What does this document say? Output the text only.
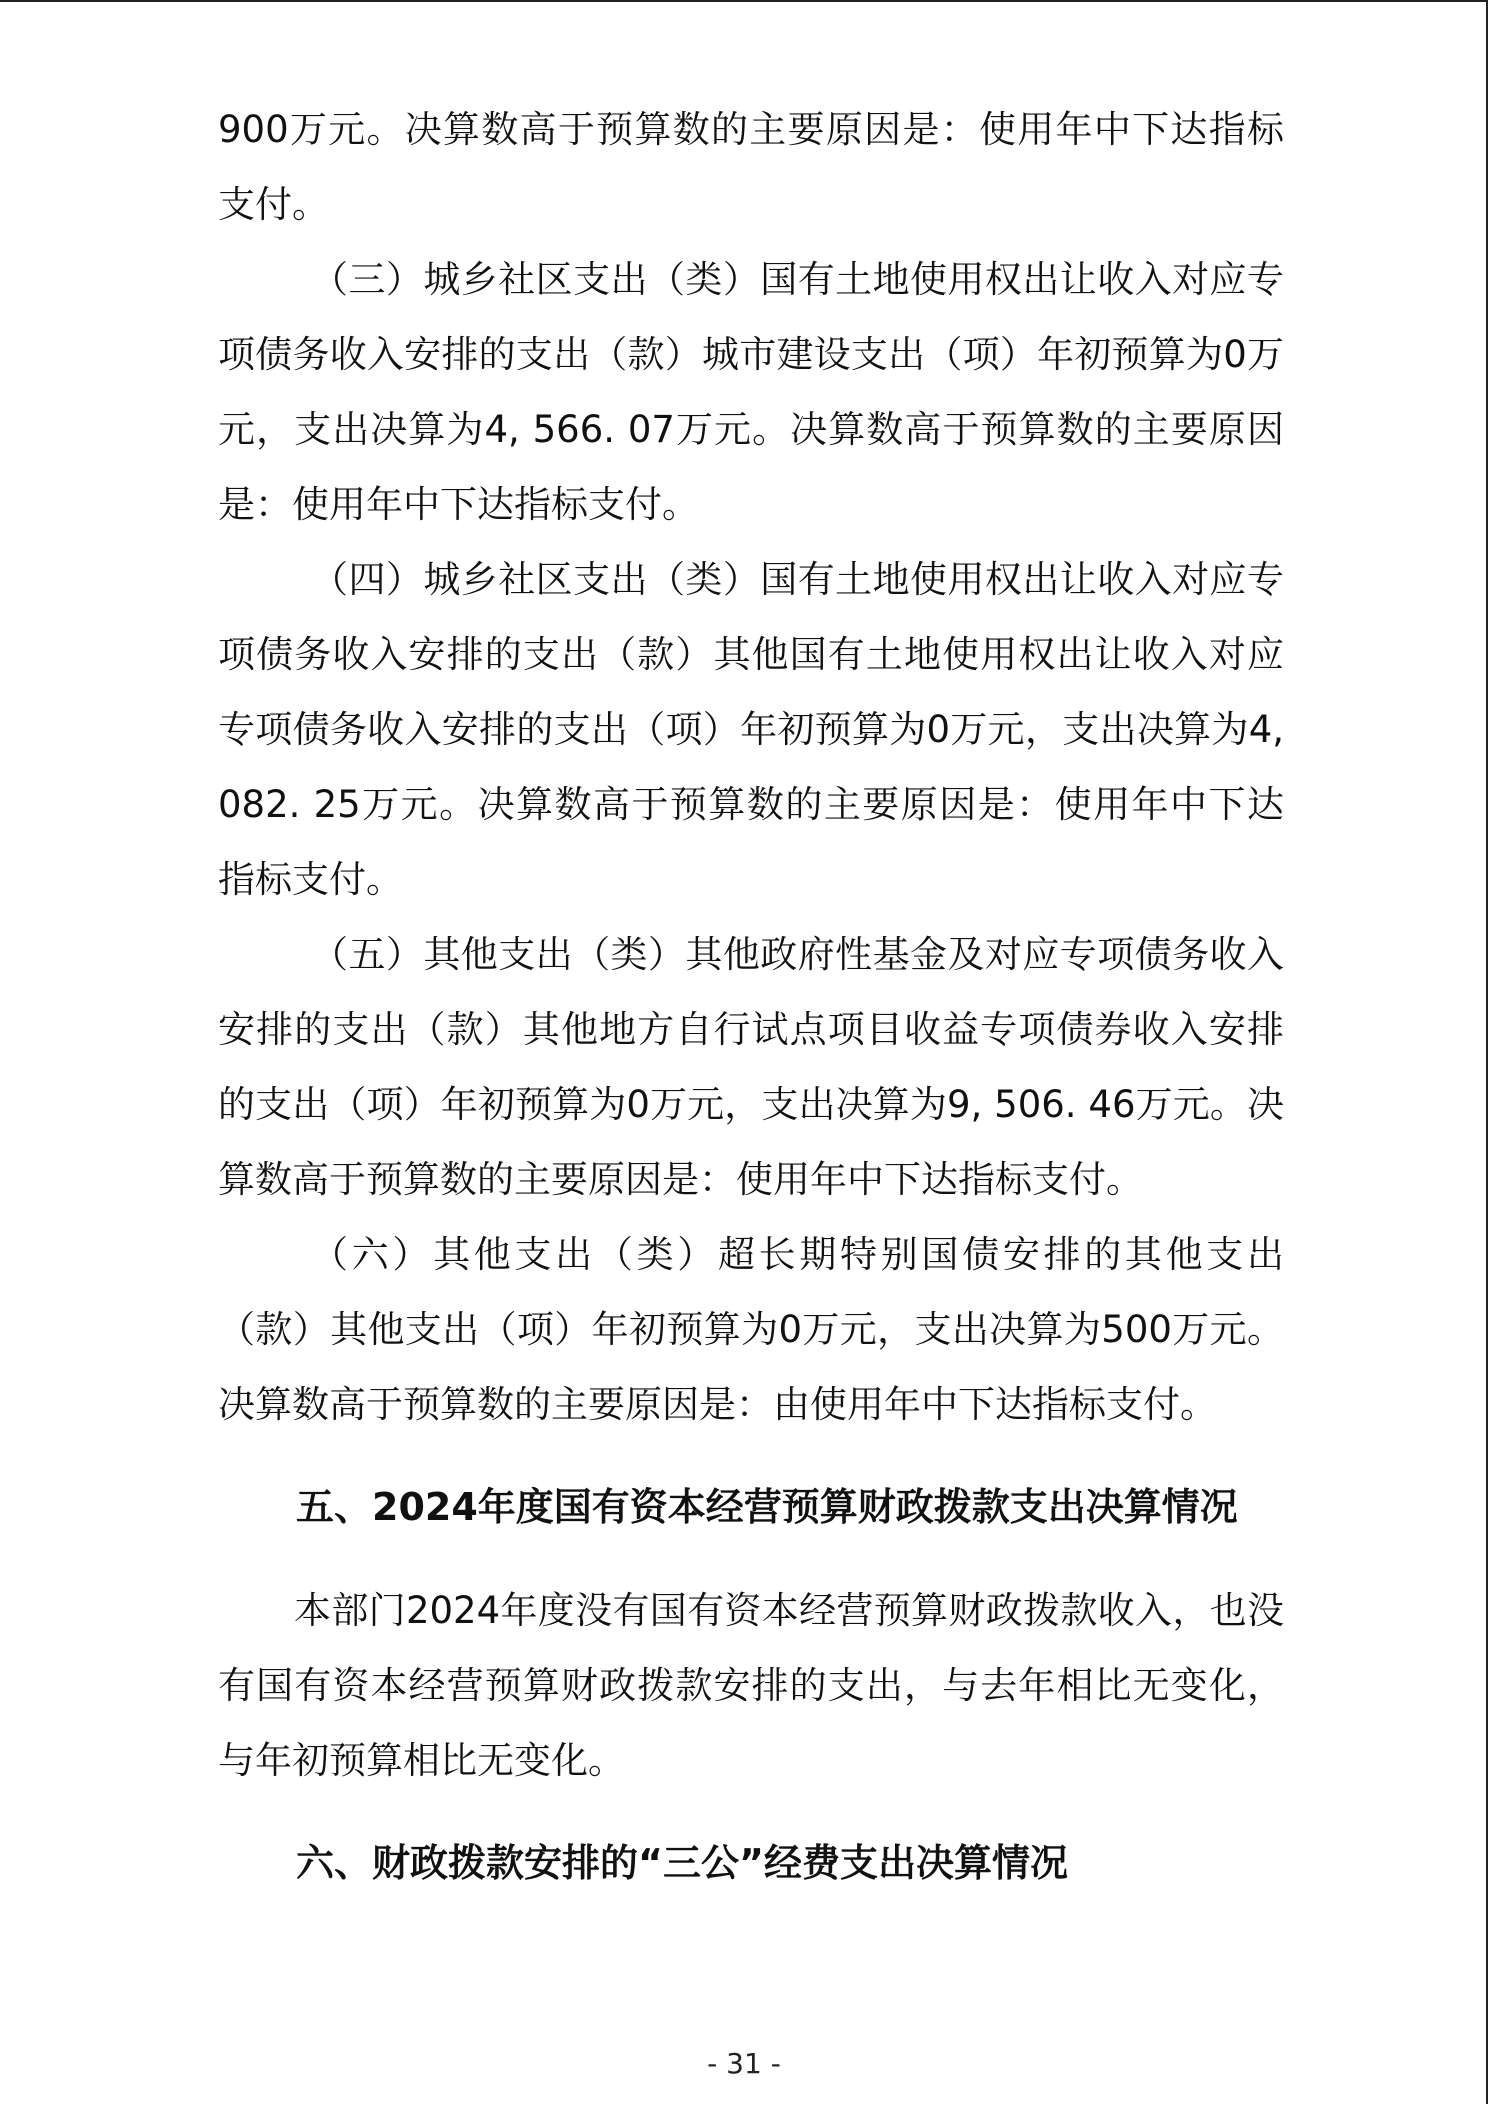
900万元。决算数高于预算数的主要原因是：使用年中下达指标支付。

（三）城乡社区支出（类）国有土地使用权出让收入对应专项债务收入安排的支出（款）城市建设支出（项）年初预算为0万元，支出决算为4, 566. 07万元。决算数高于预算数的主要原因是：使用年中下达指标支付。

（四）城乡社区支出（类）国有土地使用权出让收入对应专项债务收入安排的支出（款）其他国有土地使用权出让收入对应专项债务收入安排的支出（项）年初预算为0万元，支出决算为4, 082. 25万元。决算数高于预算数的主要原因是：使用年中下达指标支付。

（五）其他支出（类）其他政府性基金及对应专项债务收入安排的支出（款）其他地方自行试点项目收益专项债券收入安排的支出（项）年初预算为0万元，支出决算为9, 506. 46万元。决算数高于预算数的主要原因是：使用年中下达指标支付。

（六）其他支出（类）超长期特别国债安排的其他支出（款）其他支出（项）年初预算为0万元，支出决算为500万元。决算数高于预算数的主要原因是：由使用年中下达指标支付。

五、2024年度国有资本经营预算财政拨款支出决算情况

本部门2024年度没有国有资本经营预算财政拨款收入，也没有国有资本经营预算财政拨款安排的支出，与去年相比无变化，与年初预算相比无变化。

六、财政拨款安排的“三公”经费支出决算情况
- 31 -
